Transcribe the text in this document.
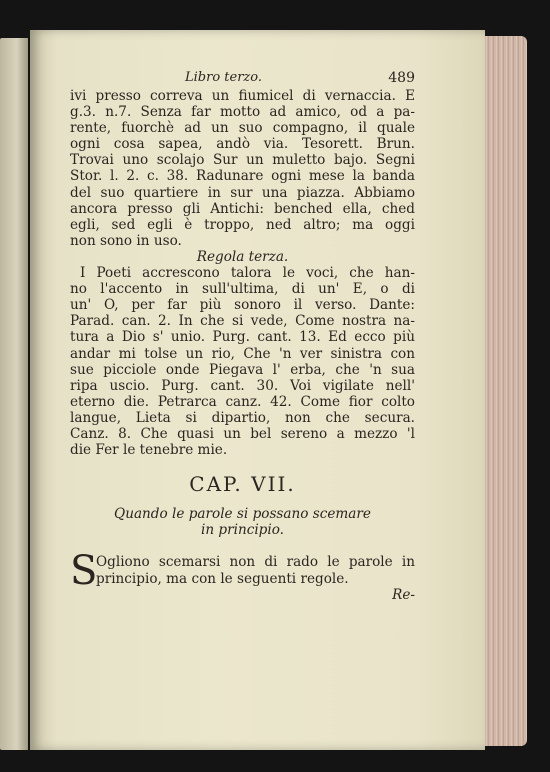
Libro terzo.	489
ivi presso correva un fiumicel di vernaccia. E
g.3. n.7. Senza far motto ad amico, od a pa-
rente, fuorchè ad un suo compagno, il quale
ogni cosa sapea, andò via. Tesorett. Brun.
Trovai uno scolajo Sur un muletto bajo. Segni
Stor. l. 2. c. 38. Radunare ogni mese la banda
del suo quartiere in sur una piazza. Abbiamo
ancora presso gli Antichi: benched ella, ched
egli, sed egli è troppo, ned altro; ma oggi
non sono in uso.
Regola terza.
I Poeti accrescono talora le voci, che han-
no l'accento in sull'ultima, di un' E, o di
un' O, per far più sonoro il verso. Dante:
Parad. can. 2. In che si vede, Come nostra na-
tura a Dio s' unio. Purg. cant. 13. Ed ecco più
andar mi tolse un rio, Che 'n ver sinistra con
sue picciole onde Piegava l' erba, che 'n sua
ripa uscio. Purg. cant. 30. Voi vigilate nell'
eterno die. Petrarca canz. 42. Come fior colto
langue, Lieta si dipartio, non che secura.
Canz. 8. Che quasi un bel sereno a mezzo 'l
die Fer le tenebre mie.
CAP. VII.
Quando le parole si possano scemare
in principio.
S
Ogliono scemarsi non di rado le parole in
principio, ma con le seguenti regole.
Re-
